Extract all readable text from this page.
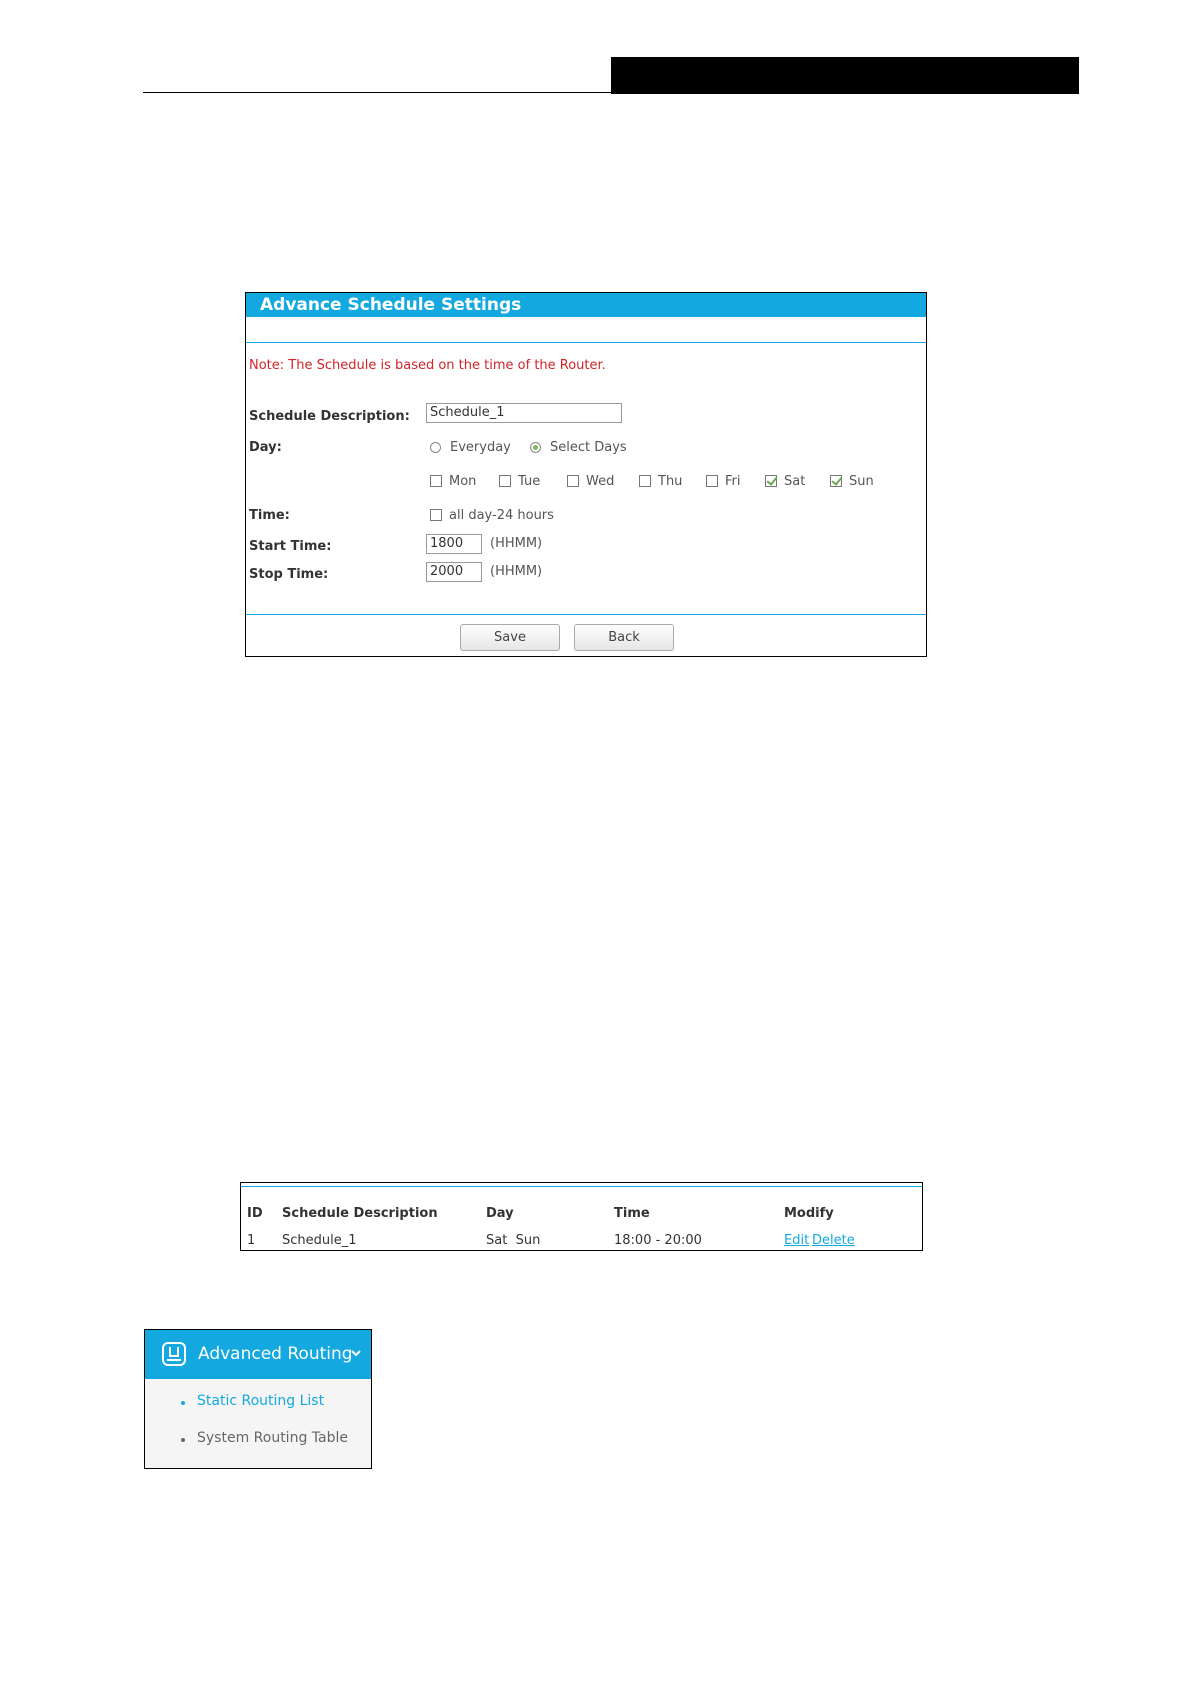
Advance Schedule Settings
Note: The Schedule is based on the time of the Router.
Schedule Description:	Schedule_1
Day:	Everyday	Select Days
Mon	Tue	Wed	Thu	Fri	Sat	Sun
Time:	all day-24 hours
Start Time:	1800	(HHMM)
Stop Time:	2000	(HHMM)
Save	Back
ID Schedule Description	Day	Time	Modify
1 Schedule_1	Sat  Sun	18:00 - 20:00	Edit Delete
Advanced Routing
Static Routing List
System Routing Table
